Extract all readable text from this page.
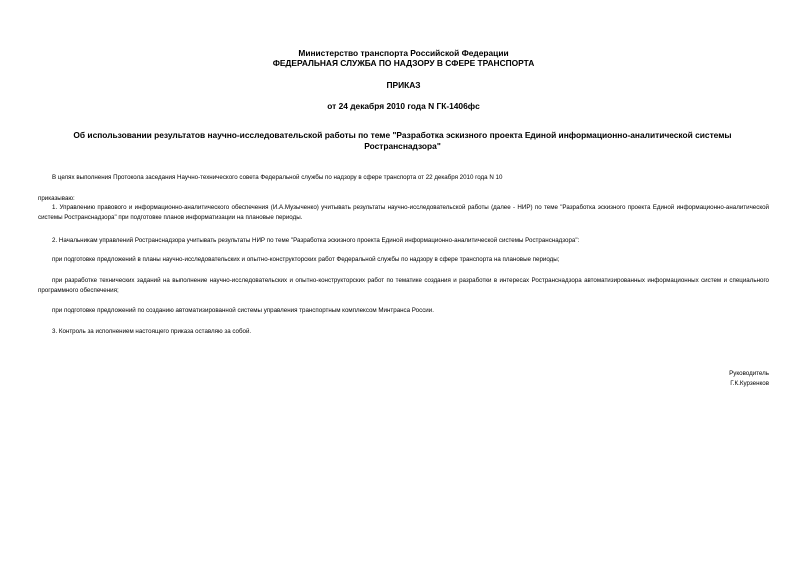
Министерство транспорта Российской Федерации
ФЕДЕРАЛЬНАЯ СЛУЖБА ПО НАДЗОРУ В СФЕРЕ ТРАНСПОРТА
ПРИКАЗ
от 24 декабря 2010 года N ГК-1406фс
Об использовании результатов научно-исследовательской работы по теме "Разработка эскизного проекта Единой информационно-аналитической системы Ространснадзора"
В целях выполнения Протокола заседания Научно-технического совета Федеральной службы по надзору в сфере транспорта от 22 декабря 2010 года N 10
приказываю:
1. Управлению правового и информационно-аналитического обеспечения (И.А.Музыченко) учитывать результаты научно-исследовательской работы (далее - НИР) по теме "Разработка эскизного проекта Единой информационно-аналитической системы Ространснадзора" при подготовке планов информатизации на плановые периоды.
2. Начальникам управлений Ространснадзора учитывать результаты НИР по теме "Разработка эскизного проекта Единой информационно-аналитической системы Ространснадзора":
при подготовке предложений в планы научно-исследовательских и опытно-конструкторских работ Федеральной службы по надзору в сфере транспорта на плановые периоды;
при разработке технических заданий на выполнение научно-исследовательских и опытно-конструкторских работ по тематике создания и разработки в интересах Ространснадзора автоматизированных информационных систем и специального программного обеспечения;
при подготовке предложений по созданию автоматизированной системы управления транспортным комплексом Минтранса России.
3. Контроль за исполнением настоящего приказа оставляю за собой.
Руководитель
Г.К.Курзенков
